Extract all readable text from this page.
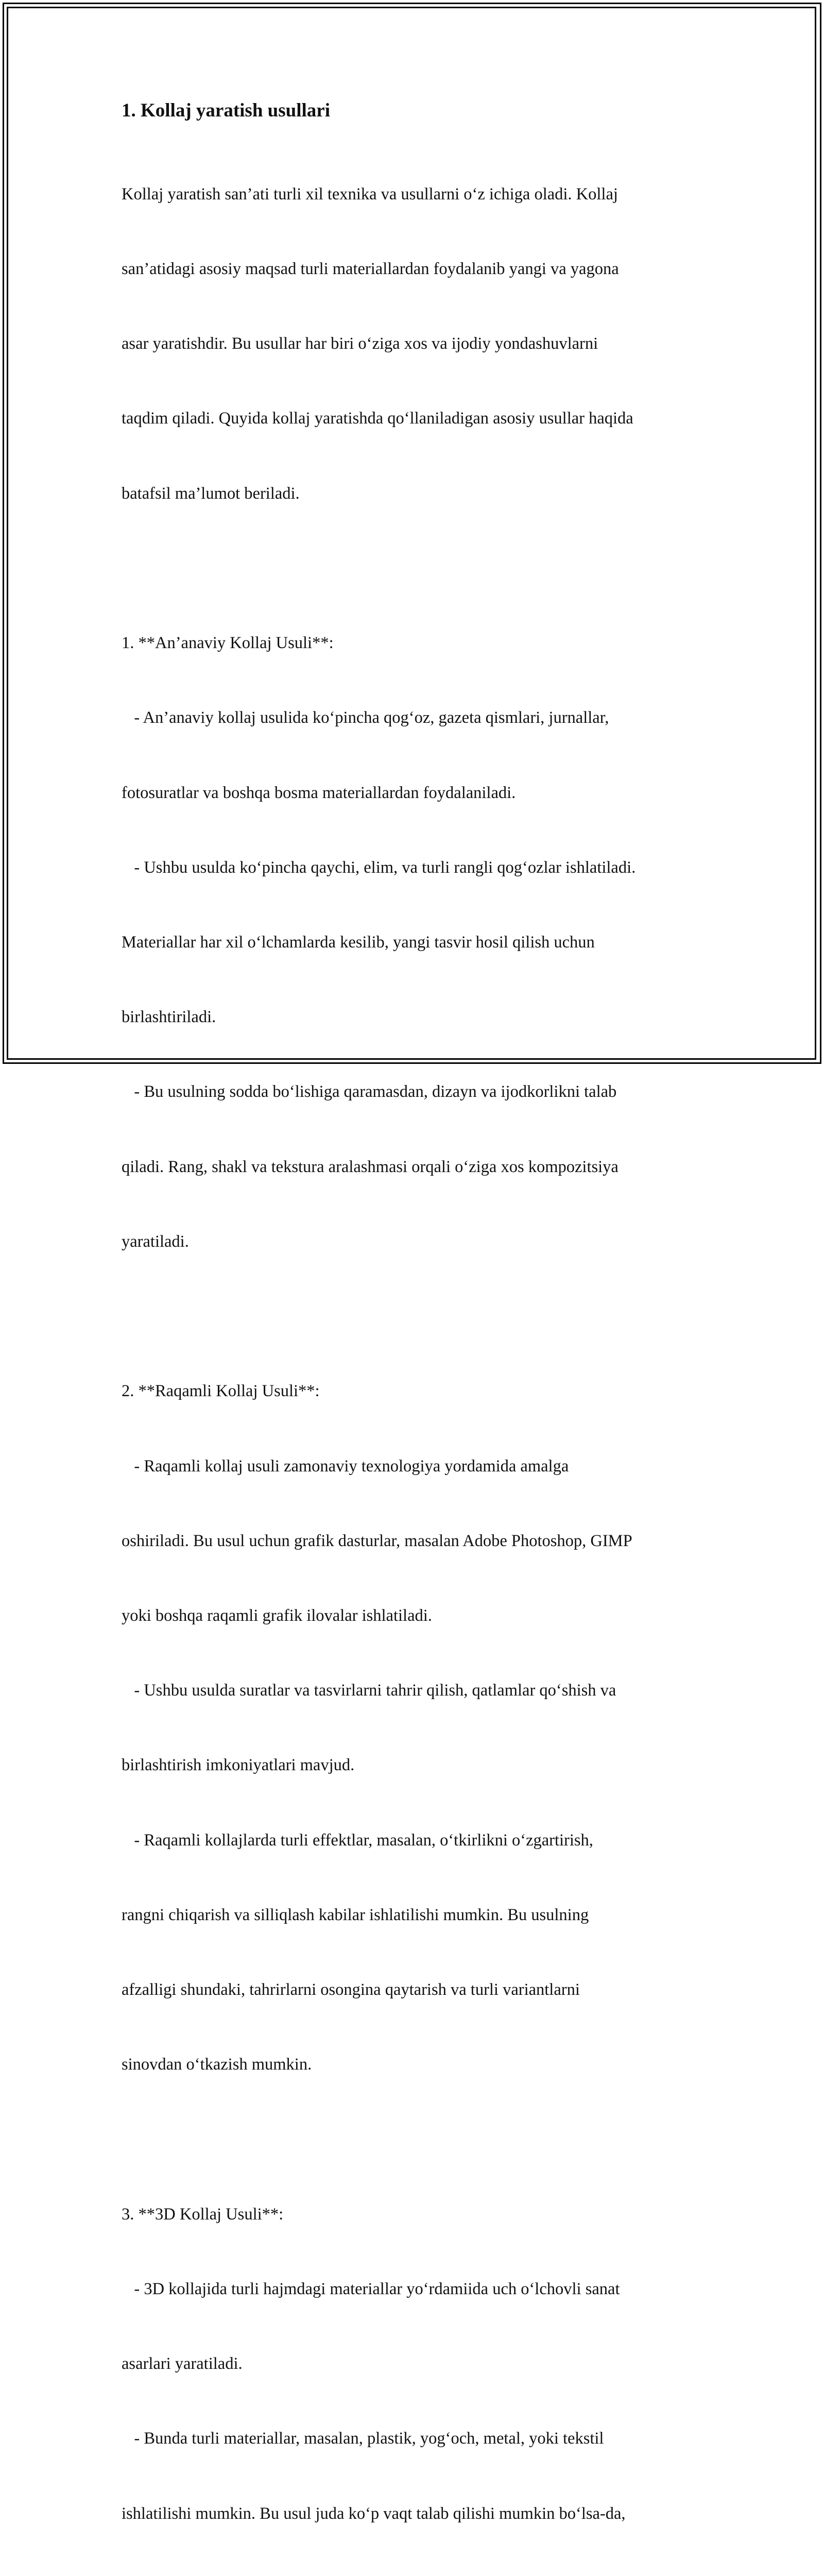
1. Kollaj yaratish usullari

Kollaj yaratish san’ati turli xil texnika va usullarni o‘z ichiga oladi. Kollaj

san’atidagi asosiy maqsad turli materiallardan foydalanib yangi va yagona

asar yaratishdir. Bu usullar har biri o‘ziga xos va ijodiy yondashuvlarni

taqdim qiladi. Quyida kollaj yaratishda qo‘llaniladigan asosiy usullar haqida

batafsil ma’lumot beriladi.

1. **An’anaviy Kollaj Usuli**:

- An’anaviy kollaj usulida ko‘pincha qog‘oz, gazeta qismlari, jurnallar,

fotosuratlar va boshqa bosma materiallardan foydalaniladi.

- Ushbu usulda ko‘pincha qaychi, elim, va turli rangli qog‘ozlar ishlatiladi.

Materiallar har xil o‘lchamlarda kesilib, yangi tasvir hosil qilish uchun

birlashtiriladi.

- Bu usulning sodda bo‘lishiga qaramasdan, dizayn va ijodkorlikni talab

qiladi. Rang, shakl va tekstura aralashmasi orqali o‘ziga xos kompozitsiya

yaratiladi.

2. **Raqamli Kollaj Usuli**:

- Raqamli kollaj usuli zamonaviy texnologiya yordamida amalga

oshiriladi. Bu usul uchun grafik dasturlar, masalan Adobe Photoshop, GIMP

yoki boshqa raqamli grafik ilovalar ishlatiladi.

- Ushbu usulda suratlar va tasvirlarni tahrir qilish, qatlamlar qo‘shish va

birlashtirish imkoniyatlari mavjud.

- Raqamli kollajlarda turli effektlar, masalan, o‘tkirlikni o‘zgartirish,

rangni chiqarish va silliqlash kabilar ishlatilishi mumkin. Bu usulning

afzalligi shundaki, tahrirlarni osongina qaytarish va turli variantlarni

sinovdan o‘tkazish mumkin.

3. **3D Kollaj Usuli**:

- 3D kollajida turli hajmdagi materiallar yo‘rdamiida uch o‘lchovli sanat

asarlari yaratiladi.

- Bunda turli materiallar, masalan, plastik, yog‘och, metal, yoki tekstil

ishlatilishi mumkin. Bu usul juda ko‘p vaqt talab qilishi mumkin bo‘lsa-da,
